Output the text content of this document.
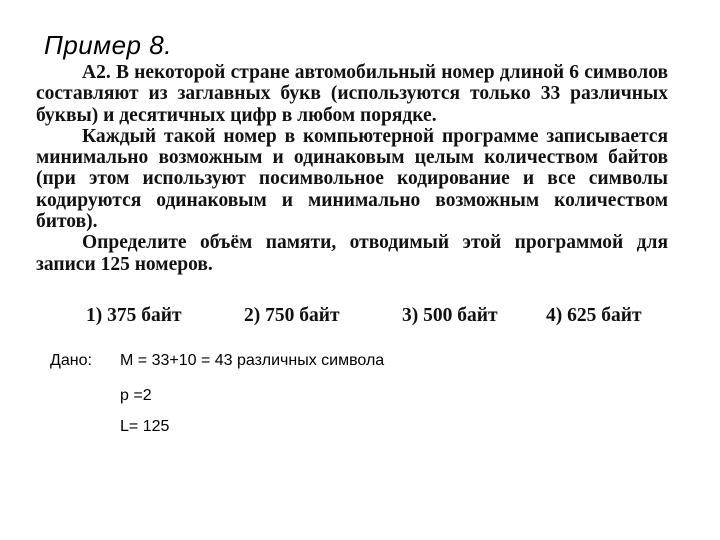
Пример 8.

А2. В некоторой стране автомобильный номер длиной 6 символов составляют из заглавных букв (используются только 33 различных буквы) и десятичных цифр в любом порядке.

Каждый такой номер в компьютерной программе записывается минимально возможным и одинаковым целым количеством байтов (при этом используют посимвольное кодирование и все символы кодируются одинаковым и минимально возможным количеством битов).

Определите объём памяти, отводимый этой программой для записи 125 номеров.

1) 375 байт	2) 750 байт	3) 500 байт 4) 625 байт
Дано: M = 33+10 = 43 различных символа
p =2
L= 125
